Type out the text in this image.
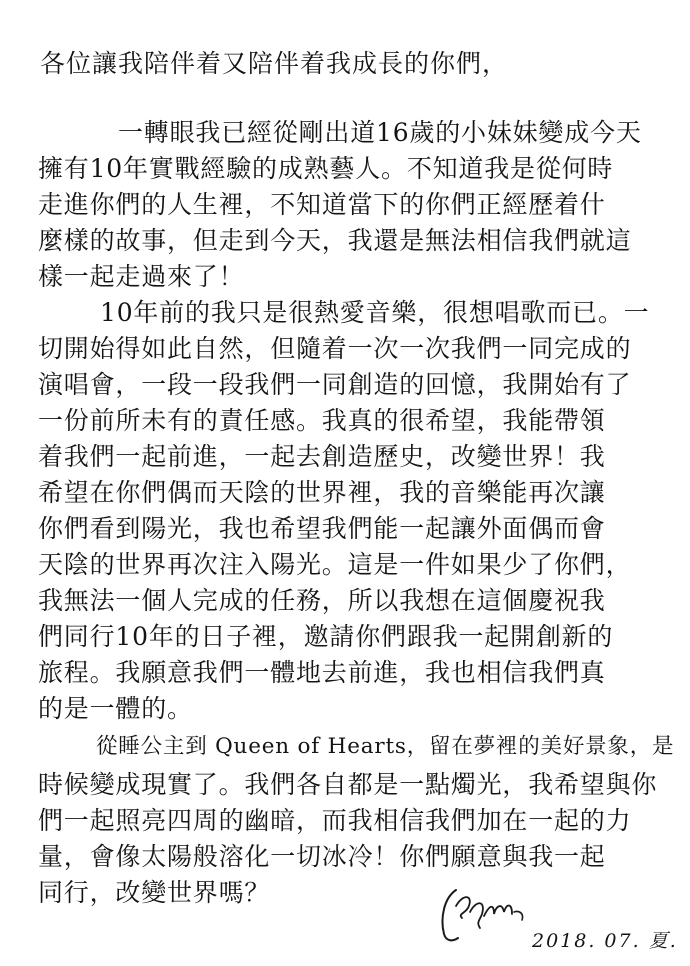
各位讓我陪伴着又陪伴着我成長的你們，
一轉眼我已經從剛出道16歲的小妹妹變成今天
擁有10年實戰經驗的成熟藝人。不知道我是從何時
走進你們的人生裡，不知道當下的你們正經歷着什
麼樣的故事，但走到今天，我還是無法相信我們就這
樣一起走過來了！
10年前的我只是很熱愛音樂，很想唱歌而已。一
切開始得如此自然，但隨着一次一次我們一同完成的
演唱會，一段一段我們一同創造的回憶，我開始有了
一份前所未有的責任感。我真的很希望，我能帶領
着我們一起前進，一起去創造歷史，改變世界！我
希望在你們偶而天陰的世界裡，我的音樂能再次讓
你們看到陽光，我也希望我們能一起讓外面偶而會
天陰的世界再次注入陽光。這是一件如果少了你們，
我無法一個人完成的任務，所以我想在這個慶祝我
們同行10年的日子裡，邀請你們跟我一起開創新的
旅程。我願意我們一體地去前進，我也相信我們真
的是一體的。
從睡公主到 Queen of Hearts，留在夢裡的美好景象，是
時候變成現實了。我們各自都是一點燭光，我希望與你
們一起照亮四周的幽暗，而我相信我們加在一起的力
量，會像太陽般溶化一切冰冷！你們願意與我一起
同行，改變世界嗎？
2018. 07. 夏.
